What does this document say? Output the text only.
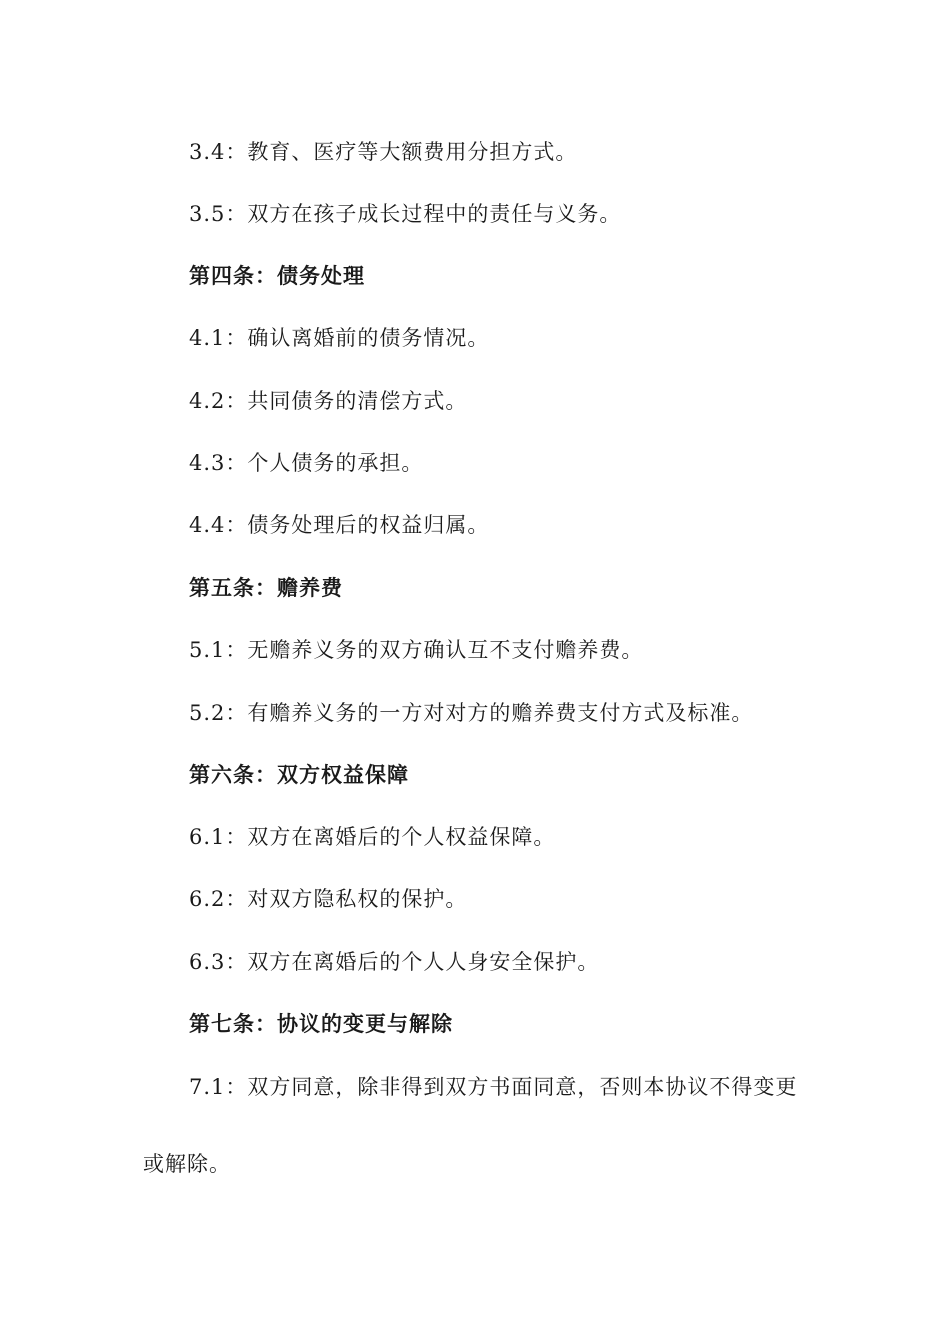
3.4：教育、医疗等大额费用分担方式。
3.5：双方在孩子成长过程中的责任与义务。
第四条：债务处理
4.1：确认离婚前的债务情况。
4.2：共同债务的清偿方式。
4.3：个人债务的承担。
4.4：债务处理后的权益归属。
第五条：赡养费
5.1：无赡养义务的双方确认互不支付赡养费。
5.2：有赡养义务的一方对对方的赡养费支付方式及标准。
第六条：双方权益保障
6.1：双方在离婚后的个人权益保障。
6.2：对双方隐私权的保护。
6.3：双方在离婚后的个人人身安全保护。
第七条：协议的变更与解除
7.1：双方同意，除非得到双方书面同意，否则本协议不得变更
或解除。
